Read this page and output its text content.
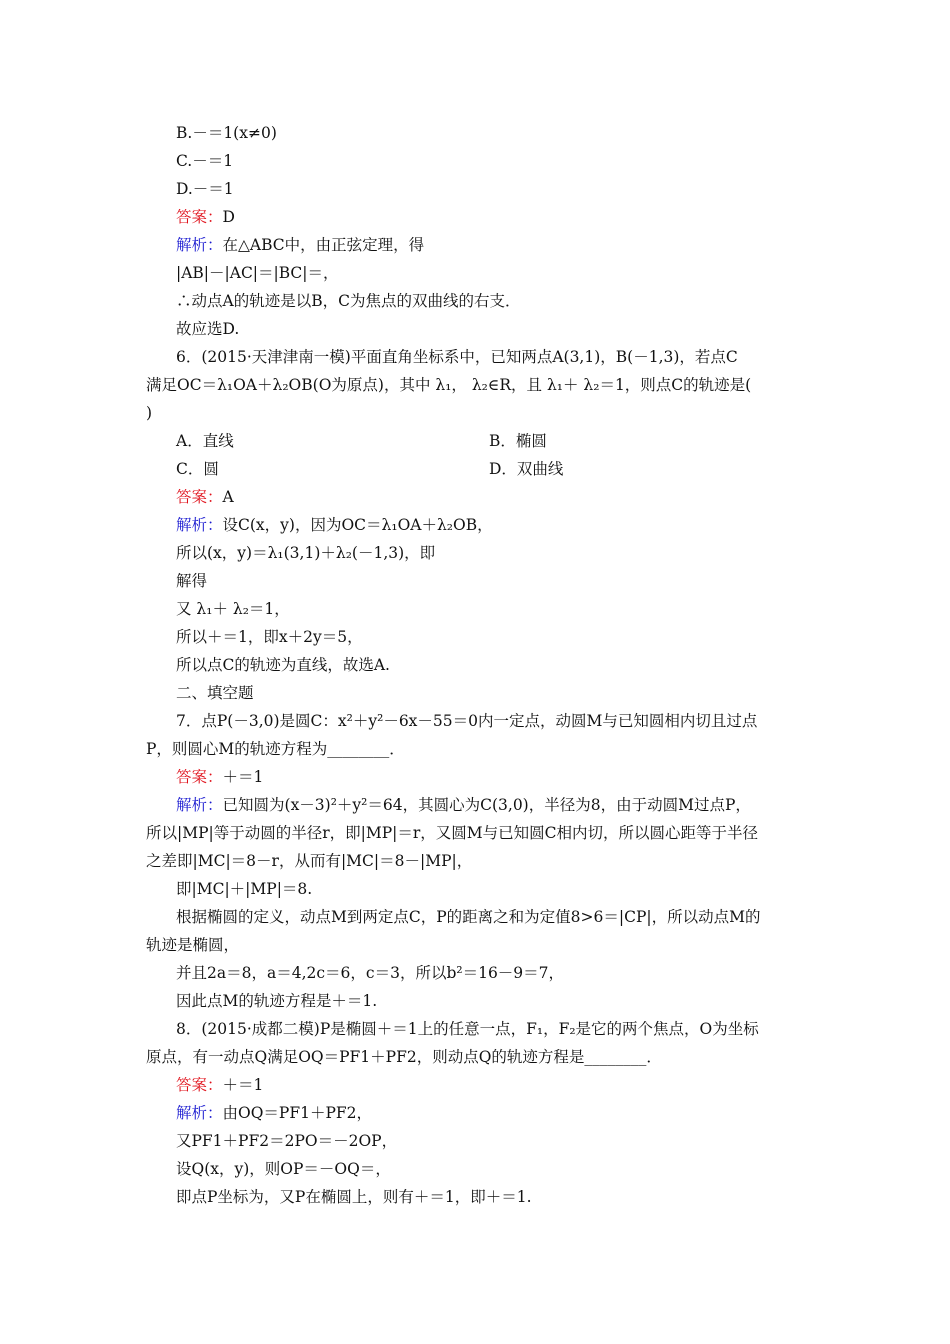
B.－＝1(x≠0)
C.－＝1
D.－＝1
答案：D
解析：在△ABC中，由正弦定理，得
|AB|－|AC|＝|BC|＝，
∴动点A的轨迹是以B，C为焦点的双曲线的右支．
故应选D.
6．(2015·天津津南一模)平面直角坐标系中，已知两点A(3,1)，B(－1,3)，若点C
满足OC＝λ₁OA＋λ₂OB(O为原点)，其中 λ₁， λ₂∈R，且 λ₁＋ λ₂＝1，则点C的轨迹是(
)
A．直线	B．椭圆
C．圆	D．双曲线
答案：A
解析：设C(x，y)，因为OC＝λ₁OA＋λ₂OB，
所以(x，y)＝λ₁(3,1)＋λ₂(－1,3)，即
解得
又 λ₁＋ λ₂＝1，
所以＋＝1，即x＋2y＝5，
所以点C的轨迹为直线，故选A.
二、填空题
7．点P(－3,0)是圆C：x²＋y²－6x－55＝0内一定点，动圆M与已知圆相内切且过点
P，则圆心M的轨迹方程为________．
答案：＋＝1
解析：已知圆为(x－3)²＋y²＝64，其圆心为C(3,0)，半径为8，由于动圆M过点P，
所以|MP|等于动圆的半径r，即|MP|＝r，又圆M与已知圆C相内切，所以圆心距等于半径
之差即|MC|＝8－r，从而有|MC|＝8－|MP|，
即|MC|＋|MP|＝8.
根据椭圆的定义，动点M到两定点C，P的距离之和为定值8>6＝|CP|，所以动点M的
轨迹是椭圆，
并且2a＝8，a＝4,2c＝6，c＝3，所以b²＝16－9＝7，
因此点M的轨迹方程是＋＝1.
8．(2015·成都二模)P是椭圆＋＝1上的任意一点，F₁，F₂是它的两个焦点，O为坐标
原点，有一动点Q满足OQ＝PF1＋PF2，则动点Q的轨迹方程是________．
答案：＋＝1
解析：由OQ＝PF1＋PF2，
又PF1＋PF2＝2PO＝－2OP，
设Q(x，y)，则OP＝－OQ＝，
即点P坐标为，又P在椭圆上，则有＋＝1，即＋＝1.
